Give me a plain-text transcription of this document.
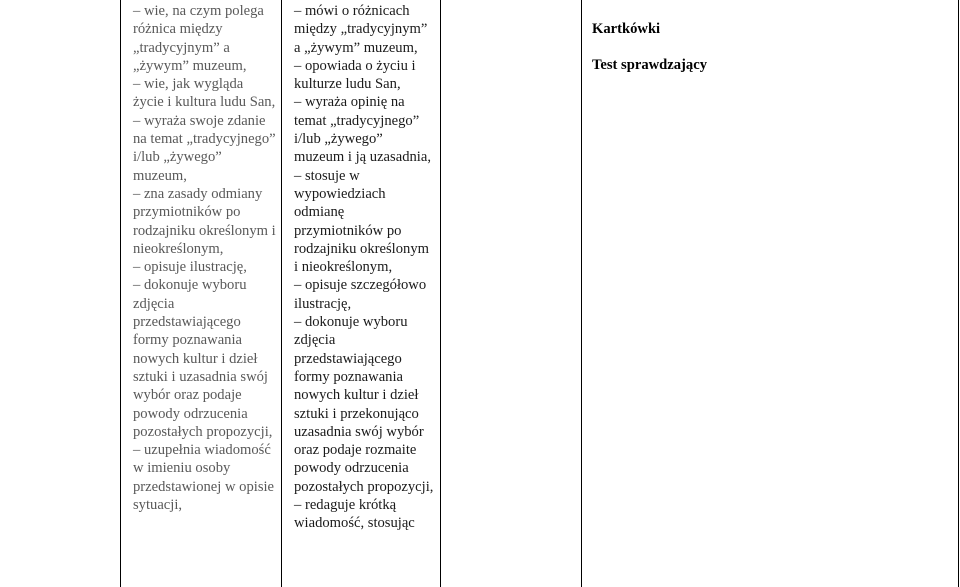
– wie, na czym polega różnica między „tradycyjnym” a „żywym” muzeum,
– wie, jak wygląda życie i kultura ludu San,
– wyraża swoje zdanie na temat „tradycyjnego” i/lub „żywego” muzeum,
– zna zasady odmiany przymiotników po rodzajniku określonym i nieokreślonym,
– opisuje ilustrację,
– dokonuje wyboru zdjęcia przedstawiającego formy poznawania nowych kultur i dzieł sztuki i uzasadnia swój wybór oraz podaje powody odrzucenia pozostałych propozycji,
– uzupełnia wiadomość w imieniu osoby przedstawionej w opisie sytuacji,
– mówi o różnicach między „tradycyjnym” a „żywym” muzeum,
– opowiada o życiu i kulturze ludu San,
– wyraża opinię na temat „tradycyjnego” i/lub „żywego” muzeum i ją uzasadnia,
– stosuje w wypowiedziach odmianę przymiotników po rodzajniku określonym i nieokreślonym,
– opisuje szczegółowo ilustrację,
– dokonuje wyboru zdjęcia przedstawiającego formy poznawania nowych kultur i dzieł sztuki i przekonująco uzasadnia swój wybór oraz podaje rozmaite powody odrzucenia pozostałych propozycji,
– redaguje krótką wiadomość, stosując
Kartkówki
Test sprawdzający
